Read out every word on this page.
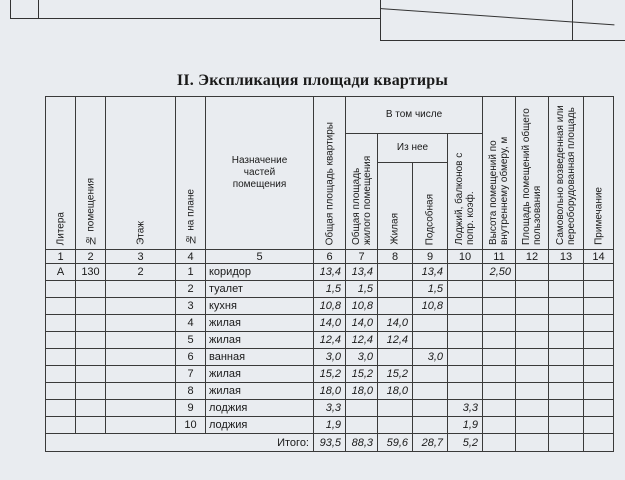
II. Экспликация площади квартиры
Литера	№ помещения	Этаж	№ на плане	Назначение частей помещения	Общая площадь квартиры	В том числе				Высота помещений по внутреннему обмеру, м	Площадь помещений общего пользования	Самовольно возведенная или переоборудованная площадь	Примечание

						Общая площадь жилого помещения	Из нее		Лоджий, балконов с попр. коэф.				

							Жилая	Подсобная					

1	2	3	4	5	6	7	8	9	10	11	12	13	14
А	130	2	1	коридор	13,4	13,4		13,4		2,50			
			2	туалет	1,5	1,5		1,5					
			3	кухня	10,8	10,8		10,8					
			4	жилая	14,0	14,0	14,0						
			5	жилая	12,4	12,4	12,4						
			6	ванная	3,0	3,0		3,0					
			7	жилая	15,2	15,2	15,2						
			8	жилая	18,0	18,0	18,0						
			9	лоджия	3,3				3,3				
			10	лоджия	1,9				1,9				
Итого:					93,5	88,3	59,6	28,7	5,2				
